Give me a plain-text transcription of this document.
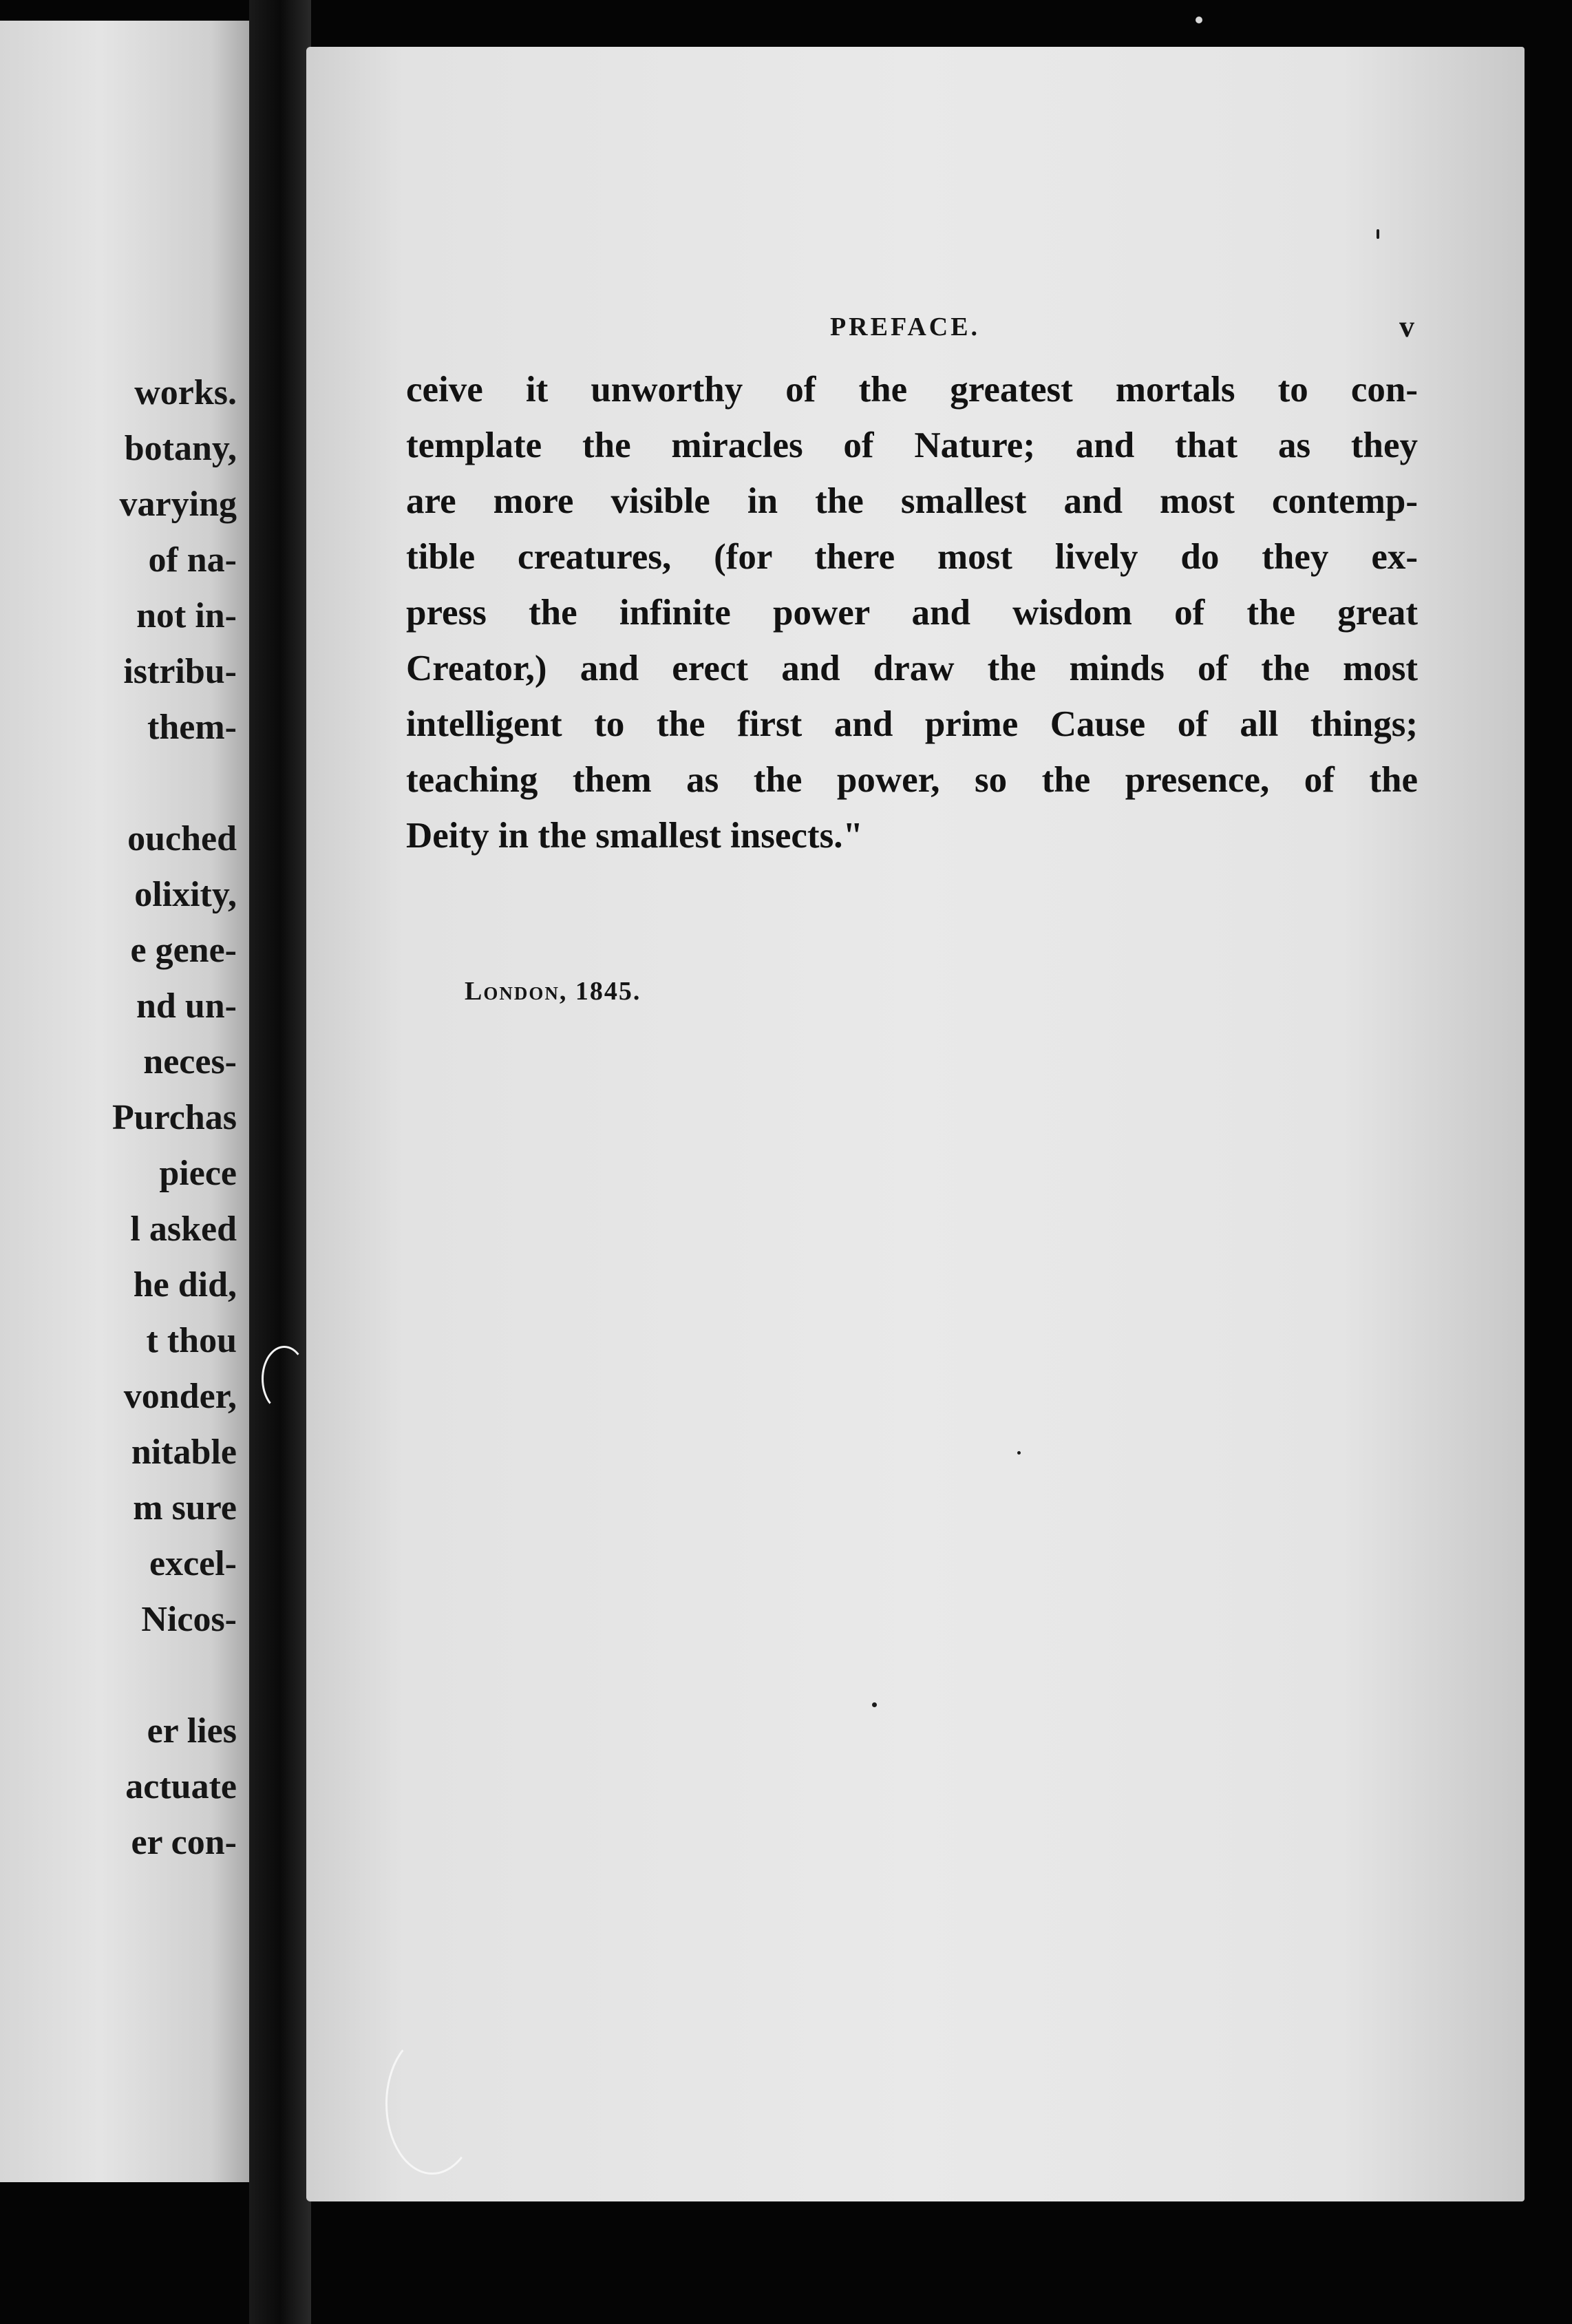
works.
botany,
varying
of na-
not in-
istribu-
them-
ouched
olixity,
e gene-
nd un-
neces-
Purchas
piece
l asked
he did,
t thou
vonder,
nitable
m sure
excel-
Nicos-
er lies
actuate
er con-
PREFACE.	v
ceive it unworthy of the greatest mortals to con-
template the miracles of Nature; and that as they
are more visible in the smallest and most contemp-
tible creatures, (for there most lively do they ex-
press the infinite power and wisdom of the great
Creator,) and erect and draw the minds of the most
intelligent to the first and prime Cause of all things;
teaching them as the power, so the presence, of the
Deity in the smallest insects."
London, 1845.
